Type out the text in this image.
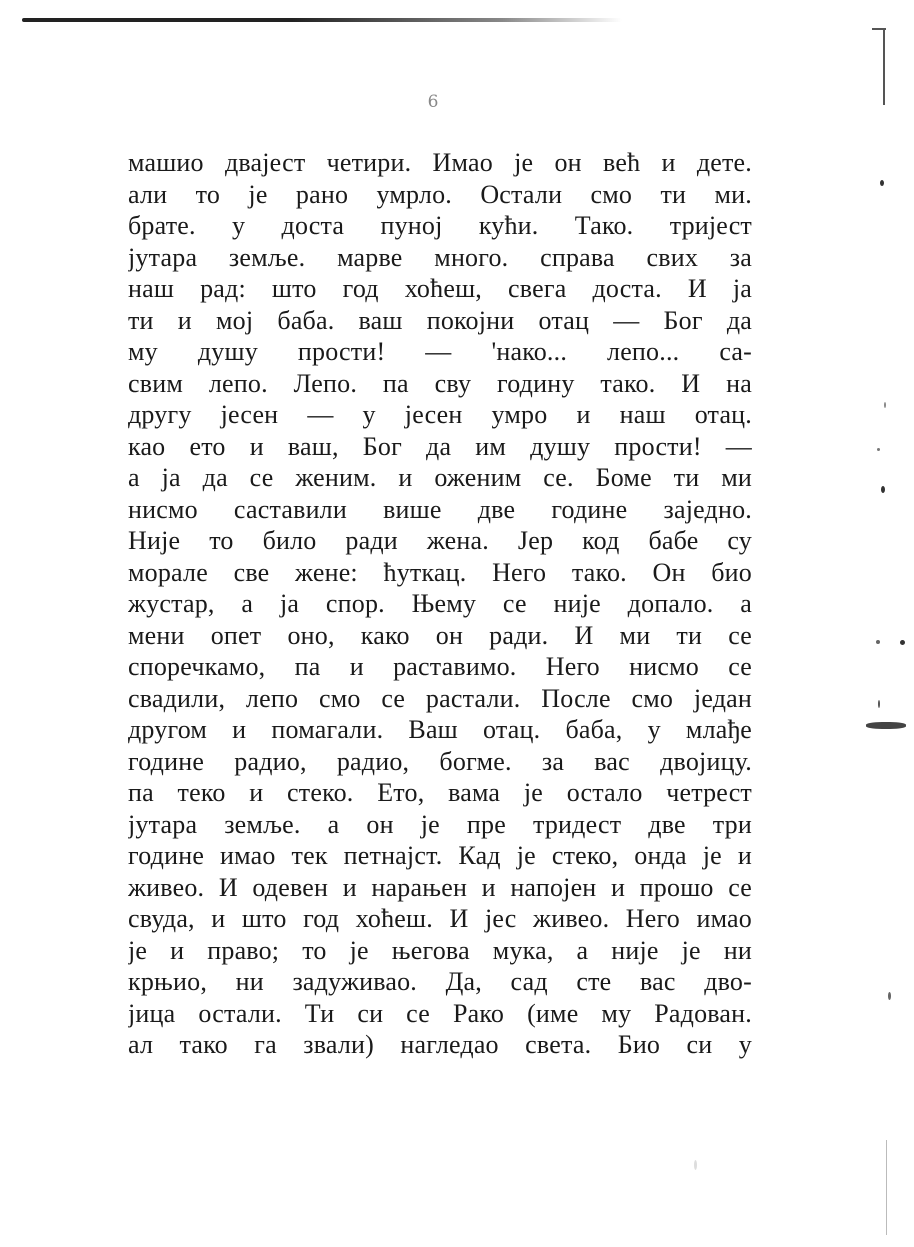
6
машио двајест четири. Имао је он већ и дете.
али то је рано умрло. Остали смо ти ми.
брате. у доста пуној кући. Тако. тријест
јутара земље. марве много. справа свих за
наш рад: што год хоћеш, свега доста. И ја
ти и мој баба. ваш покојни отац — Бог да
му душу прости! — 'нако... лепо... са-
свим лепо. Лепо. па сву годину тако. И на
другу јесен — у јесен умро и наш отац.
као ето и ваш, Бог да им душу прости! —
а ја да се женим. и оженим се. Боме ти ми
нисмо саставили више две године заједно.
Није то било ради жена. Јер код бабе су
морале све жене: ћуткац. Него тако. Он био
жустар, а ја спор. Њему се није допало. а
мени опет оно, како он ради. И ми ти се
споречкамо, па и раставимо. Него нисмо се
свадили, лепо смо се растали. После смо један
другом и помагали. Ваш отац. баба, у млађе
године радио, радио, богме. за вас двојицу.
па теко и стеко. Ето, вама је остало четрест
јутара земље. а он је пре тридест две три
године имао тек петнајст. Кад је стеко, онда је и
живео. И одевен и нарањен и напојен и прошо се
свуда, и што год хоћеш. И јес живео. Него имао
је и право; то је његова мука, а није је ни
крњио, ни задуживао. Да, сад сте вас дво-
јица остали. Ти си се Рако (име му Радован.
ал тако га звали) нагледао света. Био си у
